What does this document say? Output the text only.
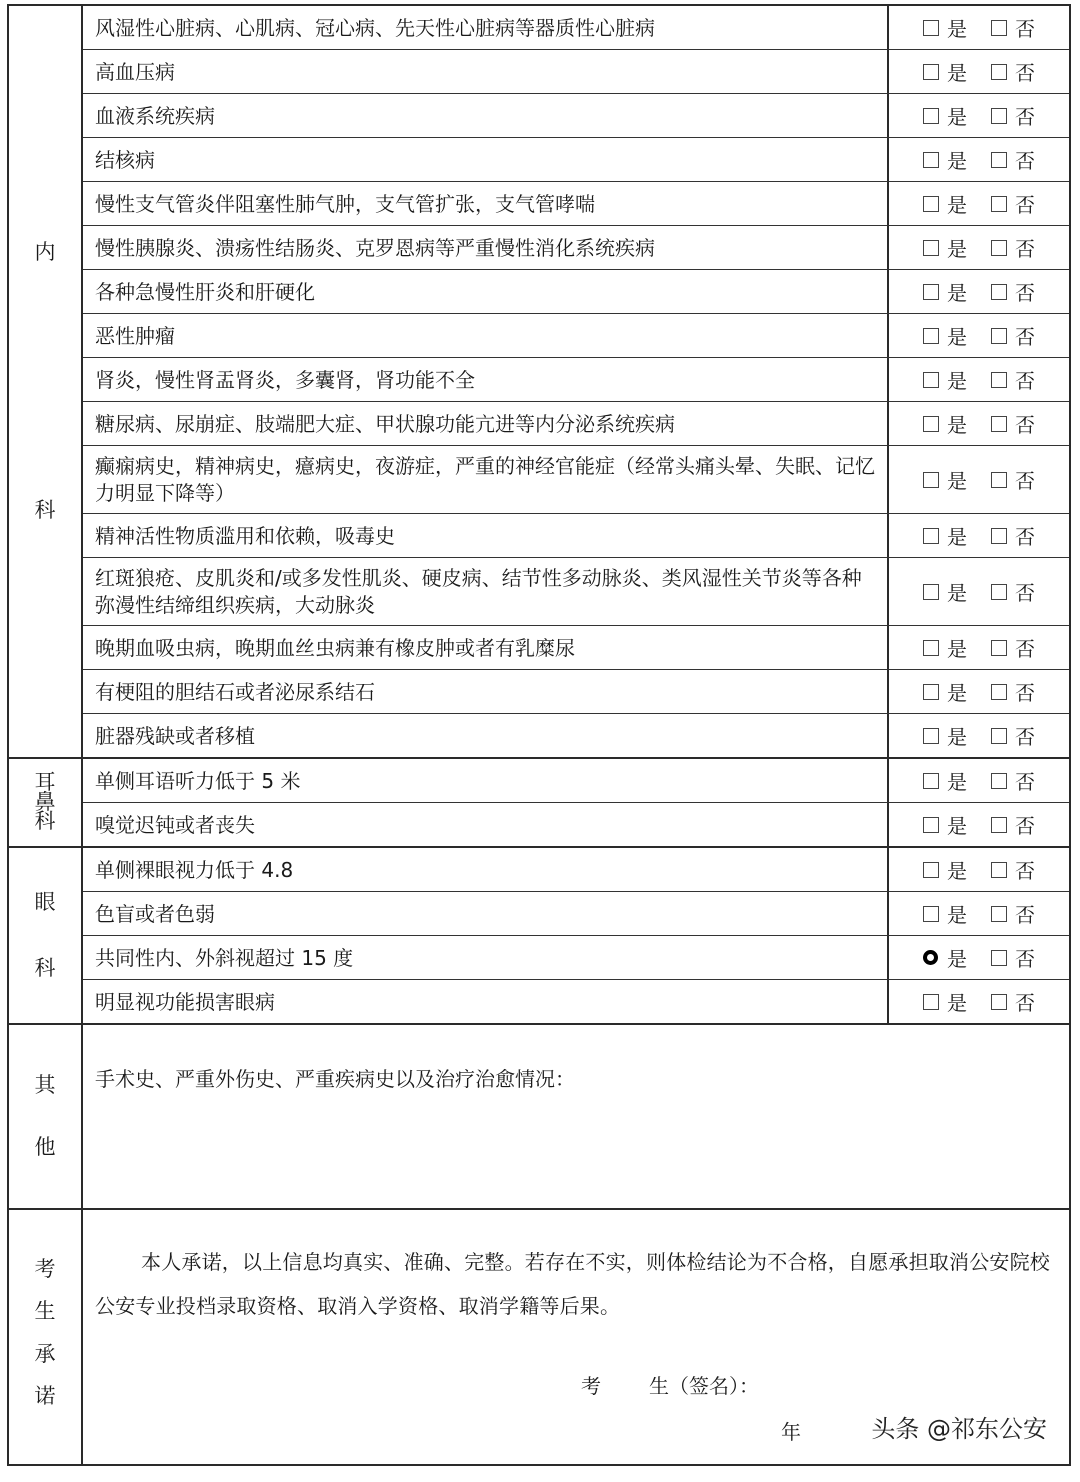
内
科
风湿性心脏病、心肌病、冠心病、先天性心脏病等器质性心脏病	是 否
高血压病	是 否
血液系统疾病	是 否
结核病	是 否
慢性支气管炎伴阻塞性肺气肿，支气管扩张，支气管哮喘	是 否
慢性胰腺炎、溃疡性结肠炎、克罗恩病等严重慢性消化系统疾病	是 否
各种急慢性肝炎和肝硬化	是 否
恶性肿瘤	是 否
肾炎，慢性肾盂肾炎，多囊肾，肾功能不全	是 否
糖尿病、尿崩症、肢端肥大症、甲状腺功能亢进等内分泌系统疾病	是 否
癫痫病史，精神病史，癔病史，夜游症，严重的神经官能症（经常头痛头晕、失眠、记忆力明显下降等）	是 否
精神活性物质滥用和依赖，吸毒史	是 否
红斑狼疮、皮肌炎和/或多发性肌炎、硬皮病、结节性多动脉炎、类风湿性关节炎等各种弥漫性结缔组织疾病，大动脉炎	是 否
晚期血吸虫病，晚期血丝虫病兼有橡皮肿或者有乳糜尿	是 否
有梗阻的胆结石或者泌尿系结石	是 否
脏器残缺或者移植	是 否
耳
鼻
科
单侧耳语听力低于 5 米	是 否
嗅觉迟钝或者丧失	是 否
眼
科
单侧裸眼视力低于 4.8	是 否
色盲或者色弱	是 否
共同性内、外斜视超过 15 度	是 否
明显视功能损害眼病	是 否
其
他
手术史、严重外伤史、严重疾病史以及治疗治愈情况：
考
生
承
诺
本人承诺，以上信息均真实、准确、完整。若存在不实，则体检结论为不合格，自愿承担取消公安院校公安专业投档录取资格、取消入学资格、取消学籍等后果。
考 生（签名）：
年	头条 @祁东公安
